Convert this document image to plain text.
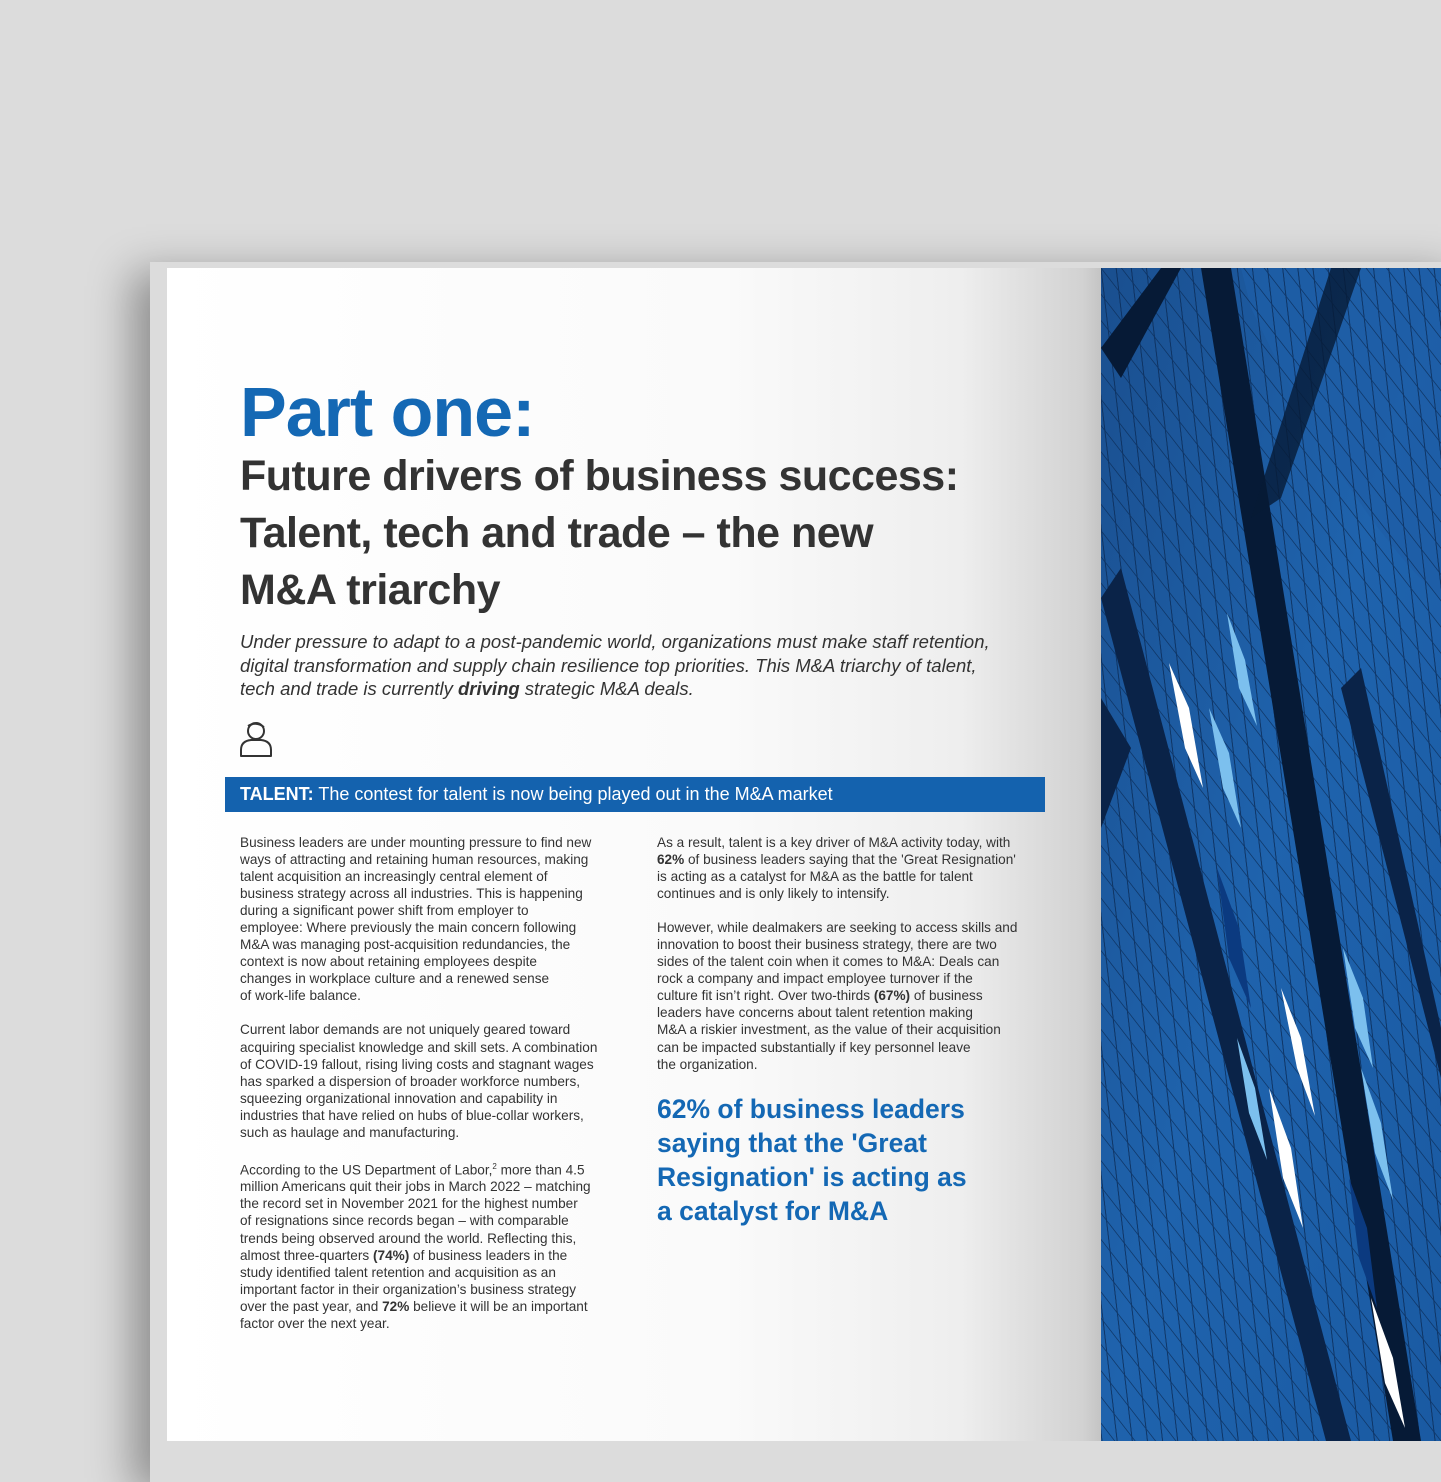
Part one:
Future drivers of business success:
Talent, tech and trade – the new
M&A triarchy

Under pressure to adapt to a post-pandemic world, organizations must make staff retention,
digital transformation and supply chain resilience top priorities. This M&A triarchy of talent,
tech and trade is currently driving strategic M&A deals.

TALENT: The contest for talent is now being played out in the M&A market

Business leaders are under mounting pressure to find new
ways of attracting and retaining human resources, making
talent acquisition an increasingly central element of
business strategy across all industries. This is happening
during a significant power shift from employer to
employee: Where previously the main concern following
M&A was managing post-acquisition redundancies, the
context is now about retaining employees despite
changes in workplace culture and a renewed sense
of work-life balance.

Current labor demands are not uniquely geared toward
acquiring specialist knowledge and skill sets. A combination
of COVID-19 fallout, rising living costs and stagnant wages
has sparked a dispersion of broader workforce numbers,
squeezing organizational innovation and capability in
industries that have relied on hubs of blue-collar workers,
such as haulage and manufacturing.

According to the US Department of Labor,$^2$ more than 4.5
million Americans quit their jobs in March 2022 – matching
the record set in November 2021 for the highest number
of resignations since records began – with comparable
trends being observed around the world. Reflecting this,
almost three-quarters (74%) of business leaders in the
study identified talent retention and acquisition as an
important factor in their organization’s business strategy
over the past year, and 72% believe it will be an important
factor over the next year.

As a result, talent is a key driver of M&A activity today, with
62% of business leaders saying that the 'Great Resignation'
is acting as a catalyst for M&A as the battle for talent
continues and is only likely to intensify.

However, while dealmakers are seeking to access skills and
innovation to boost their business strategy, there are two
sides of the talent coin when it comes to M&A: Deals can
rock a company and impact employee turnover if the
culture fit isn’t right. Over two-thirds (67%) of business
leaders have concerns about talent retention making
M&A a riskier investment, as the value of their acquisition
can be impacted substantially if key personnel leave
the organization.

62% of business leaders
saying that the 'Great
Resignation' is acting as
a catalyst for M&A
